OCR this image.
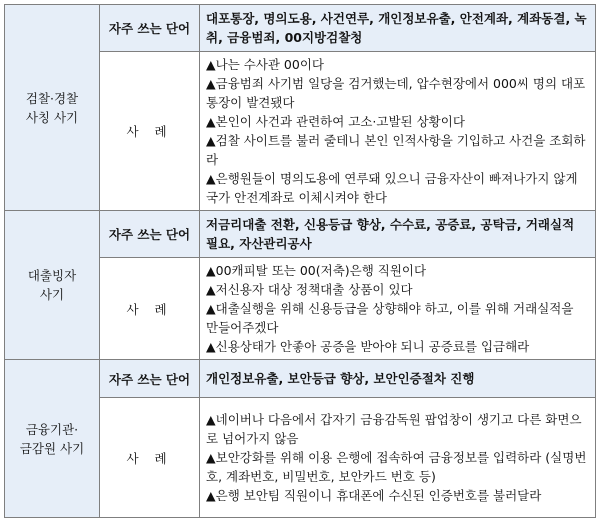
검찰·경찰
사칭 사기	자주 쓰는 단어	대포통장, 명의도용, 사건연루, 개인정보유출, 안전계좌, 계좌동결, 녹취, 금융범죄, 00지방검찰청
	사 례	▲나는 수사관 00이다
▲금융범죄 사기범 일당을 검거했는데, 압수현장에서 000씨 명의 대포통장이 발견됐다
▲본인이 사건과 관련하여 고소·고발된 상황이다
▲검찰 사이트를 불러 줄테니 본인 인적사항을 기입하고 사건을 조회하라
▲은행원들이 명의도용에 연루돼 있으니 금융자산이 빠져나가지 않게 국가 안전계좌로 이체시켜야 한다

대출빙자
사기	자주 쓰는 단어	저금리대출 전환, 신용등급 향상, 수수료, 공증료, 공탁금, 거래실적 필요, 자산관리공사
	사 례	▲00캐피탈 또는 00(저축)은행 직원이다
▲저신용자 대상 정책대출 상품이 있다
▲대출실행을 위해 신용등급을 상향해야 하고, 이를 위해 거래실적을 만들어주겠다
▲신용상태가 안좋아 공증을 받아야 되니 공증료를 입금해라

금융기관·
금감원 사기	자주 쓰는 단어	개인정보유출, 보안등급 향상, 보안인증절차 진행
	사 례	▲네이버나 다음에서 갑자기 금융감독원 팝업창이 생기고 다른 화면으로 넘어가지 않음
▲보안강화를 위해 이용 은행에 접속하여 금융정보를 입력하라 (실명번호, 계좌번호, 비밀번호, 보안카드 번호 등)
▲은행 보안팀 직원이니 휴대폰에 수신된 인증번호를 불러달라
